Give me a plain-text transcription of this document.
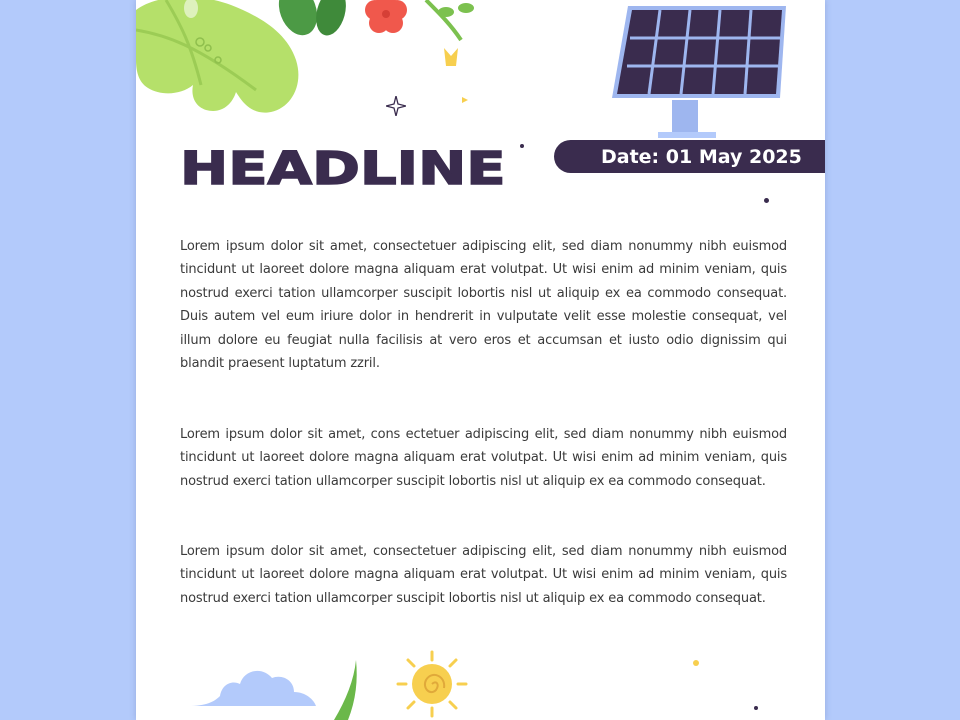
Date: 01 May 2025
HEADLINE

Lorem ipsum dolor sit amet, consectetuer adipiscing elit, sed diam nonummy nibh euismod tincidunt ut laoreet dolore magna aliquam erat volutpat. Ut wisi enim ad minim veniam, quis nostrud exerci tation ullamcorper suscipit lobortis nisl ut aliquip ex ea commodo consequat. Duis autem vel eum iriure dolor in hendrerit in vulputate velit esse molestie consequat, vel illum dolore eu feugiat nulla facilisis at vero eros et accumsan et iusto odio dignissim qui blandit praesent luptatum zzril.

Lorem ipsum dolor sit amet, cons ectetuer adipiscing elit, sed diam nonummy nibh euismod tincidunt ut laoreet dolore magna aliquam erat volutpat. Ut wisi enim ad minim veniam, quis nostrud exerci tation ullamcorper suscipit lobortis nisl ut aliquip ex ea commodo consequat.

Lorem ipsum dolor sit amet, consectetuer adipiscing elit, sed diam nonummy nibh euismod tincidunt ut laoreet dolore magna aliquam erat volutpat. Ut wisi enim ad minim veniam, quis nostrud exerci tation ullamcorper suscipit lobortis nisl ut aliquip ex ea commodo consequat.
